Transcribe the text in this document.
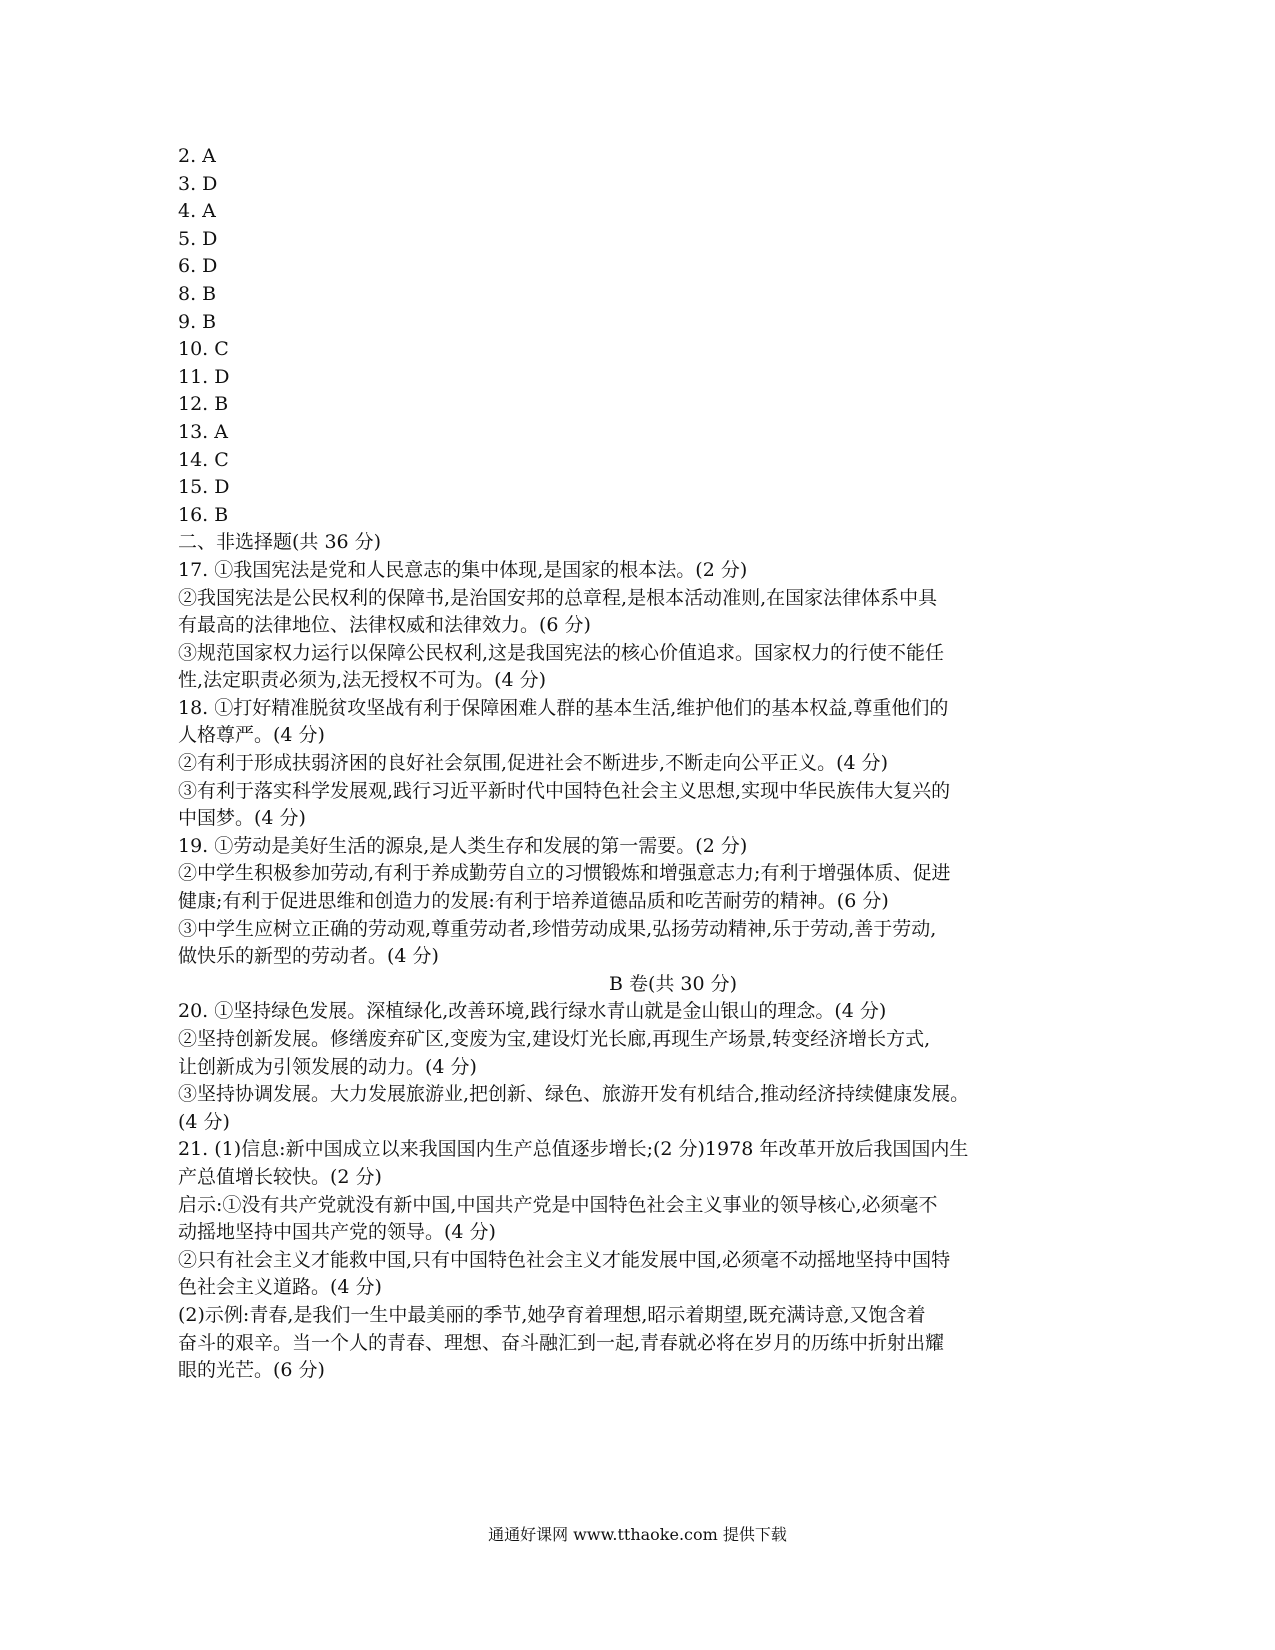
2. A
3. D
4. A
5. D
6. D
8. B
9. B
10. C
11. D
12. B
13. A
14. C
15. D
16. B
二、非选择题(共 36 分)
17. ①我国宪法是党和人民意志的集中体现,是国家的根本法。(2 分)
②我国宪法是公民权利的保障书,是治国安邦的总章程,是根本活动准则,在国家法律体系中具
有最高的法律地位、法律权威和法律效力。(6 分)
③规范国家权力运行以保障公民权利,这是我国宪法的核心价值追求。国家权力的行使不能任
性,法定职责必须为,法无授权不可为。(4 分)
18. ①打好精准脱贫攻坚战有利于保障困难人群的基本生活,维护他们的基本权益,尊重他们的
人格尊严。(4 分)
②有利于形成扶弱济困的良好社会氛围,促进社会不断进步,不断走向公平正义。(4 分)
③有利于落实科学发展观,践行习近平新时代中国特色社会主义思想,实现中华民族伟大复兴的
中国梦。(4 分)
19. ①劳动是美好生活的源泉,是人类生存和发展的第一需要。(2 分)
②中学生积极参加劳动,有利于养成勤劳自立的习惯锻炼和增强意志力;有利于增强体质、促进
健康;有利于促进思维和创造力的发展:有利于培养道德品质和吃苦耐劳的精神。(6 分)
③中学生应树立正确的劳动观,尊重劳动者,珍惜劳动成果,弘扬劳动精神,乐于劳动,善于劳动,
做快乐的新型的劳动者。(4 分)
B 卷(共 30 分)
20. ①坚持绿色发展。深植绿化,改善环境,践行绿水青山就是金山银山的理念。(4 分)
②坚持创新发展。修缮废弃矿区,变废为宝,建设灯光长廊,再现生产场景,转变经济增长方式,
让创新成为引领发展的动力。(4 分)
③坚持协调发展。大力发展旅游业,把创新、绿色、旅游开发有机结合,推动经济持续健康发展。
(4 分)
21. (1)信息:新中国成立以来我国国内生产总值逐步增长;(2 分)1978 年改革开放后我国国内生
产总值增长较快。(2 分)
启示:①没有共产党就没有新中国,中国共产党是中国特色社会主义事业的领导核心,必须毫不
动摇地坚持中国共产党的领导。(4 分)
②只有社会主义才能救中国,只有中国特色社会主义才能发展中国,必须毫不动摇地坚持中国特
色社会主义道路。(4 分)
(2)示例:青春,是我们一生中最美丽的季节,她孕育着理想,昭示着期望,既充满诗意,又饱含着
奋斗的艰辛。当一个人的青春、理想、奋斗融汇到一起,青春就必将在岁月的历练中折射出耀
眼的光芒。(6 分)
通通好课网 www.tthaoke.com 提供下载
